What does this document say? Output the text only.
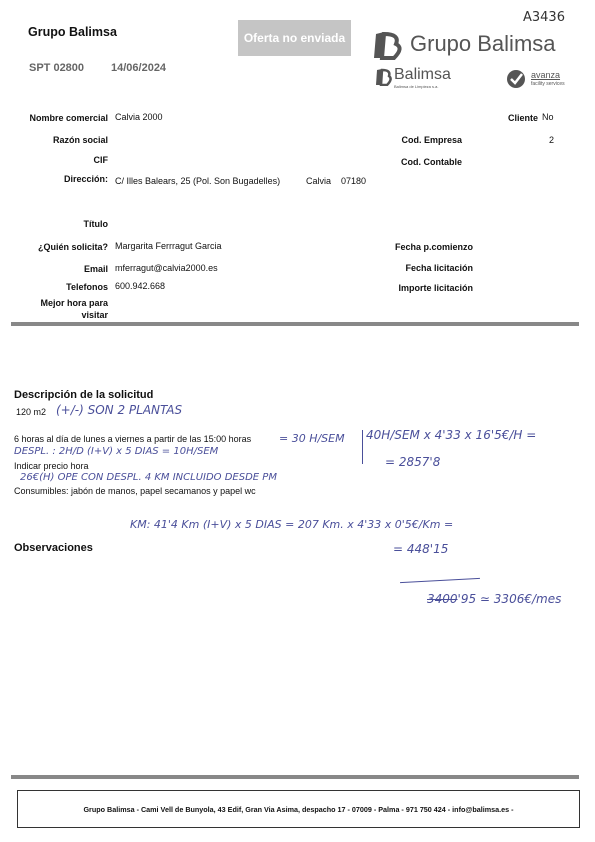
Grupo Balimsa
SPT 02800 14/06/2024
Oferta no enviada	Grupo Balimsa
Balimsa
Balimsa de Limpieza s.a.
avanza
facility services
A3436
Nombre comercial Calvia 2000
Razón social
CIF
Dirección: C/ Illes Balears, 25 (Pol. Son Bugadelles)	Calvia 07180
Cliente No
Cod. Empresa	2
Cod. Contable
Título
¿Quién solicita? Margarita Ferrragut Garcia
Email mferragut@calvia2000.es
Telefonos 600.942.668
Mejor hora para
visitar
Fecha p.comienzo
Fecha licitación
Importe licitación
Descripción de la solicitud
120 m2
6 horas al día de lunes a viernes a partir de las 15:00 horas
Indicar precio hora
Consumibles: jabón de manos, papel secamanos y papel wc
Observaciones
(+/-) SON 2 PLANTAS
= 30 H/SEM
DESPL. : 2H/D (I+V) x 5 DIAS = 10H/SEM
40H/SEM x 4'33 x 16'5€/H =
= 2857'8
26€(H) OPE CON DESPL. 4 KM INCLUIDO DESDE PM
KM: 41'4 Km (I+V) x 5 DIAS = 207 Km. x 4'33 x 0'5€/Km =
= 448'15
3400'95 ≃ 3306€/mes
Grupo Balimsa - Cami Vell de Bunyola, 43 Edif, Gran Via Asima, despacho 17 - 07009 - Palma - 971 750 424 - info@balimsa.es -
